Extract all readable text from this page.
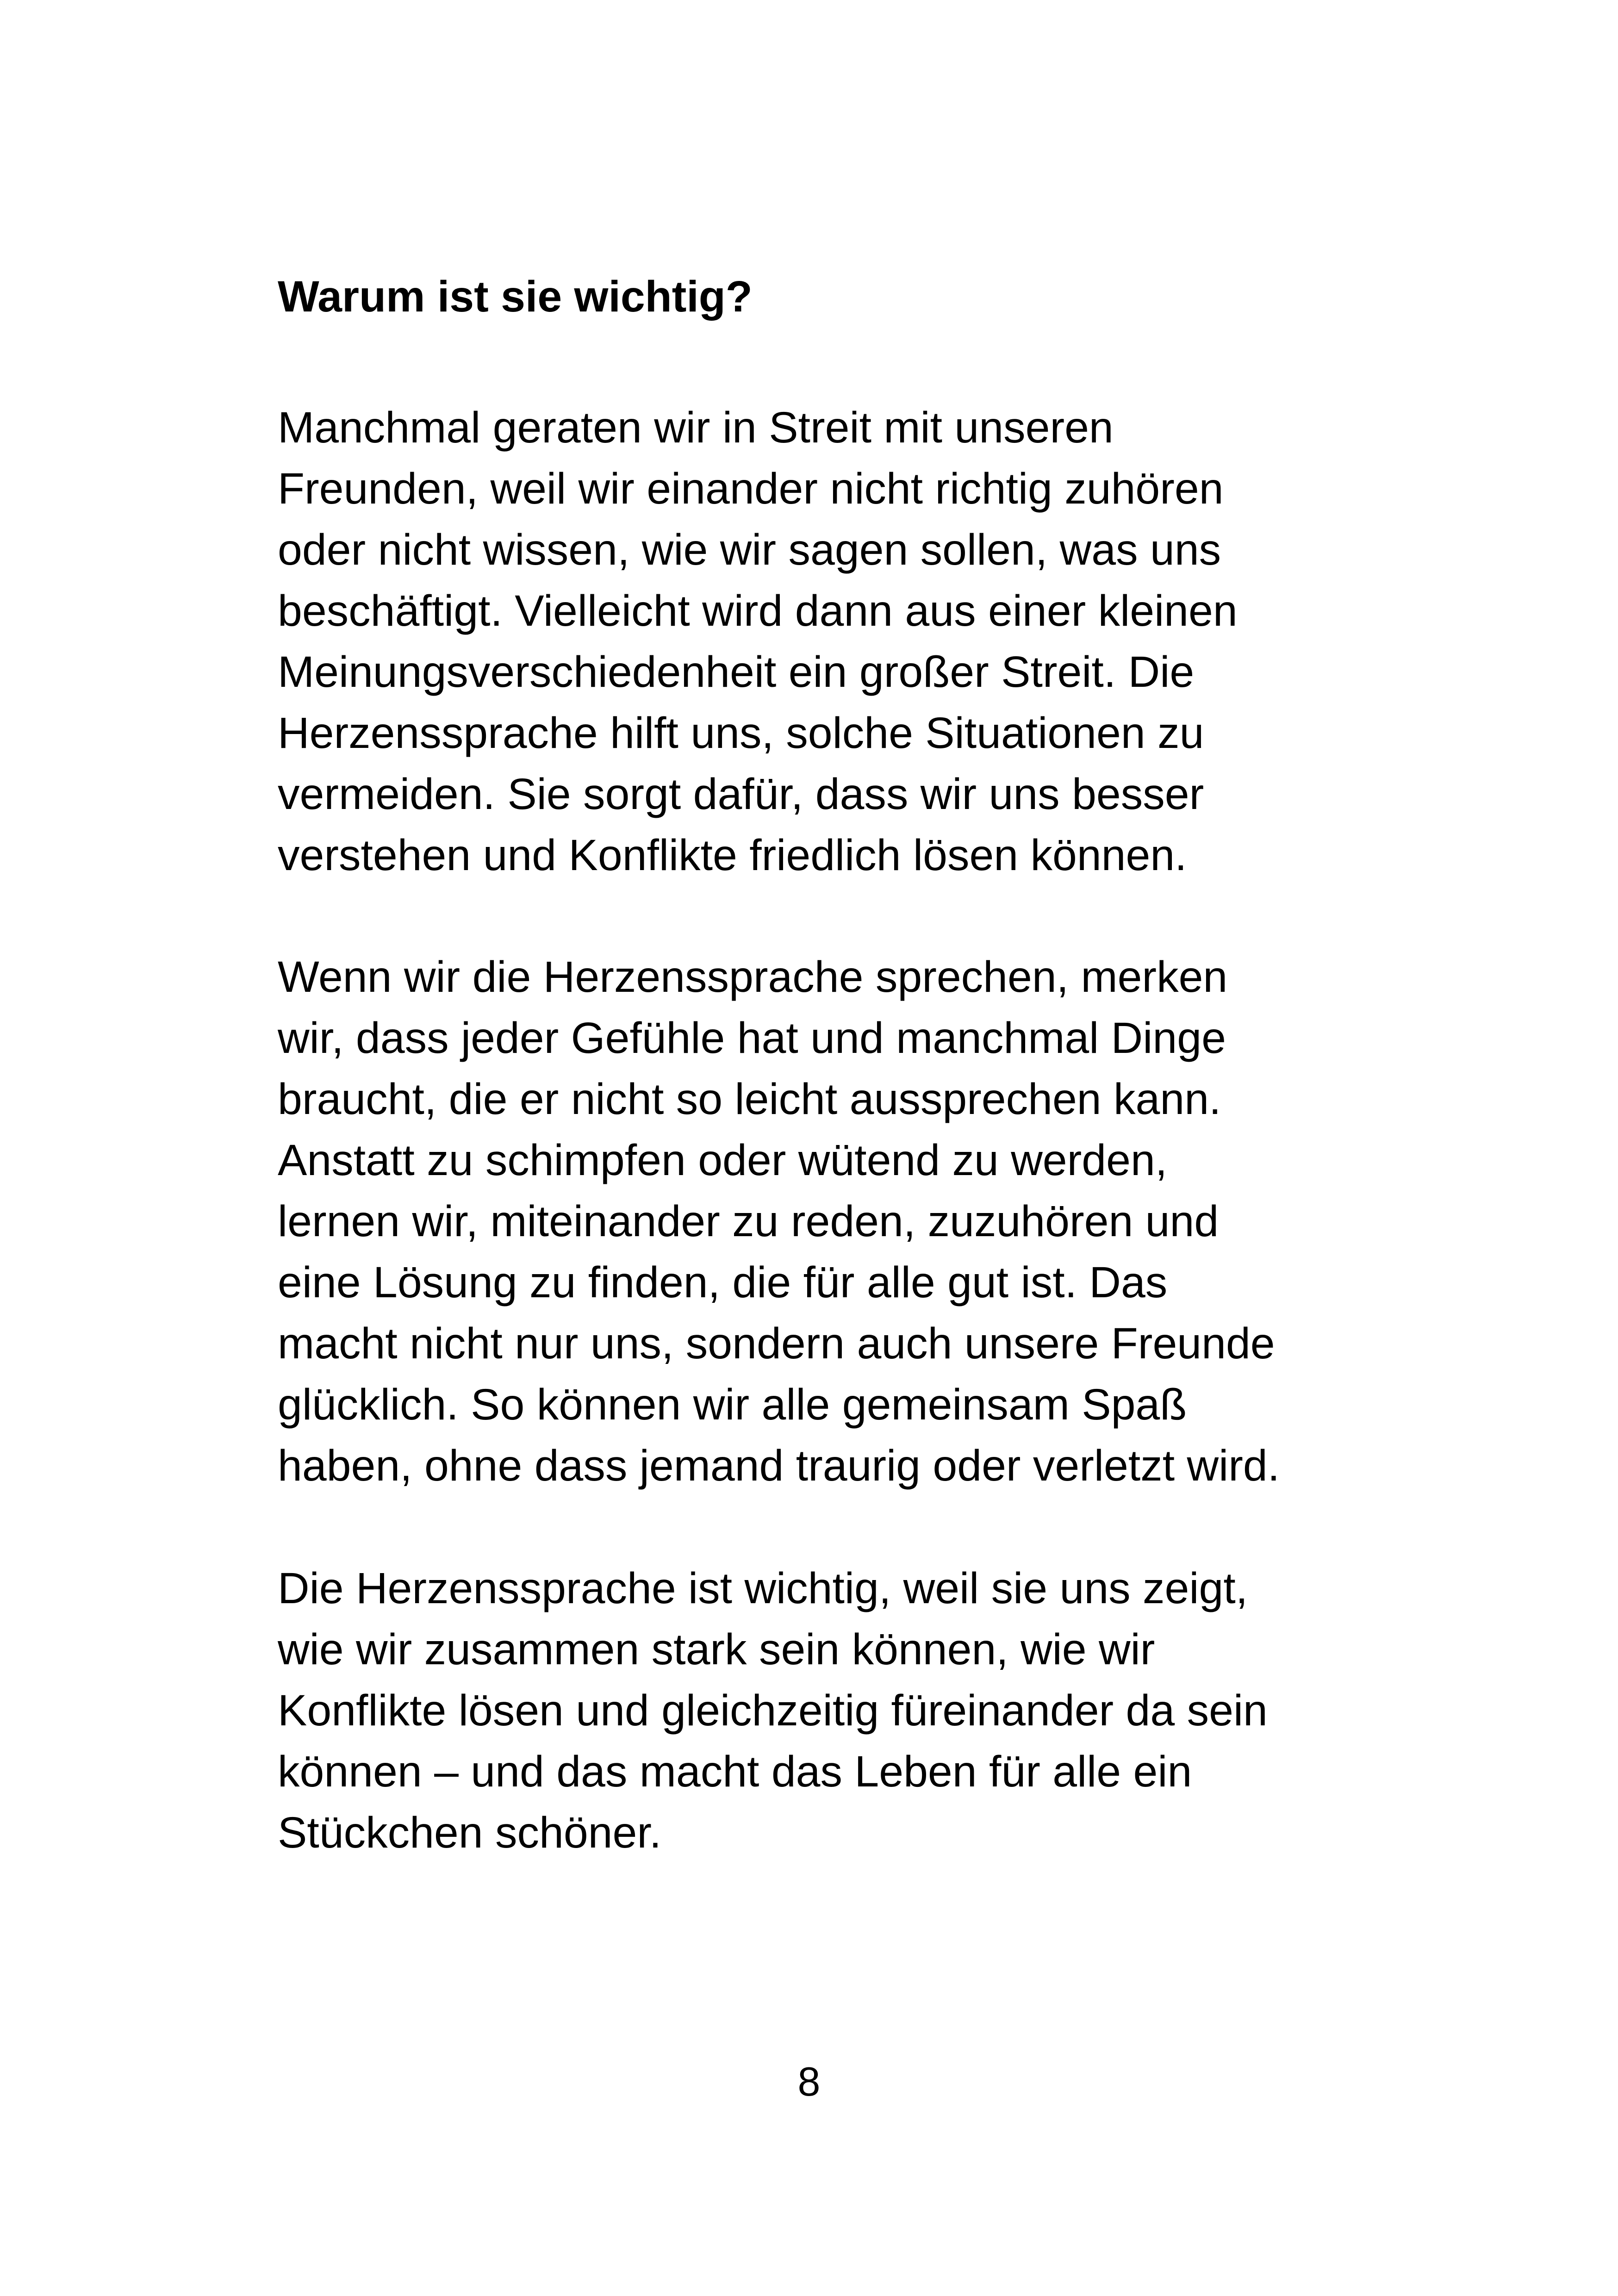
Warum ist sie wichtig?

Manchmal geraten wir in Streit mit unseren

Freunden, weil wir einander nicht richtig zuhören

oder nicht wissen, wie wir sagen sollen, was uns

beschäftigt. Vielleicht wird dann aus einer kleinen

Meinungsverschiedenheit ein großer Streit. Die

Herzenssprache hilft uns, solche Situationen zu

vermeiden. Sie sorgt dafür, dass wir uns besser

verstehen und Konflikte friedlich lösen können.

Wenn wir die Herzenssprache sprechen, merken

wir, dass jeder Gefühle hat und manchmal Dinge

braucht, die er nicht so leicht aussprechen kann.

Anstatt zu schimpfen oder wütend zu werden,

lernen wir, miteinander zu reden, zuzuhören und

eine Lösung zu finden, die für alle gut ist. Das

macht nicht nur uns, sondern auch unsere Freunde

glücklich. So können wir alle gemeinsam Spaß

haben, ohne dass jemand traurig oder verletzt wird.

Die Herzenssprache ist wichtig, weil sie uns zeigt,

wie wir zusammen stark sein können, wie wir

Konflikte lösen und gleichzeitig füreinander da sein

können – und das macht das Leben für alle ein

Stückchen schöner.

8
